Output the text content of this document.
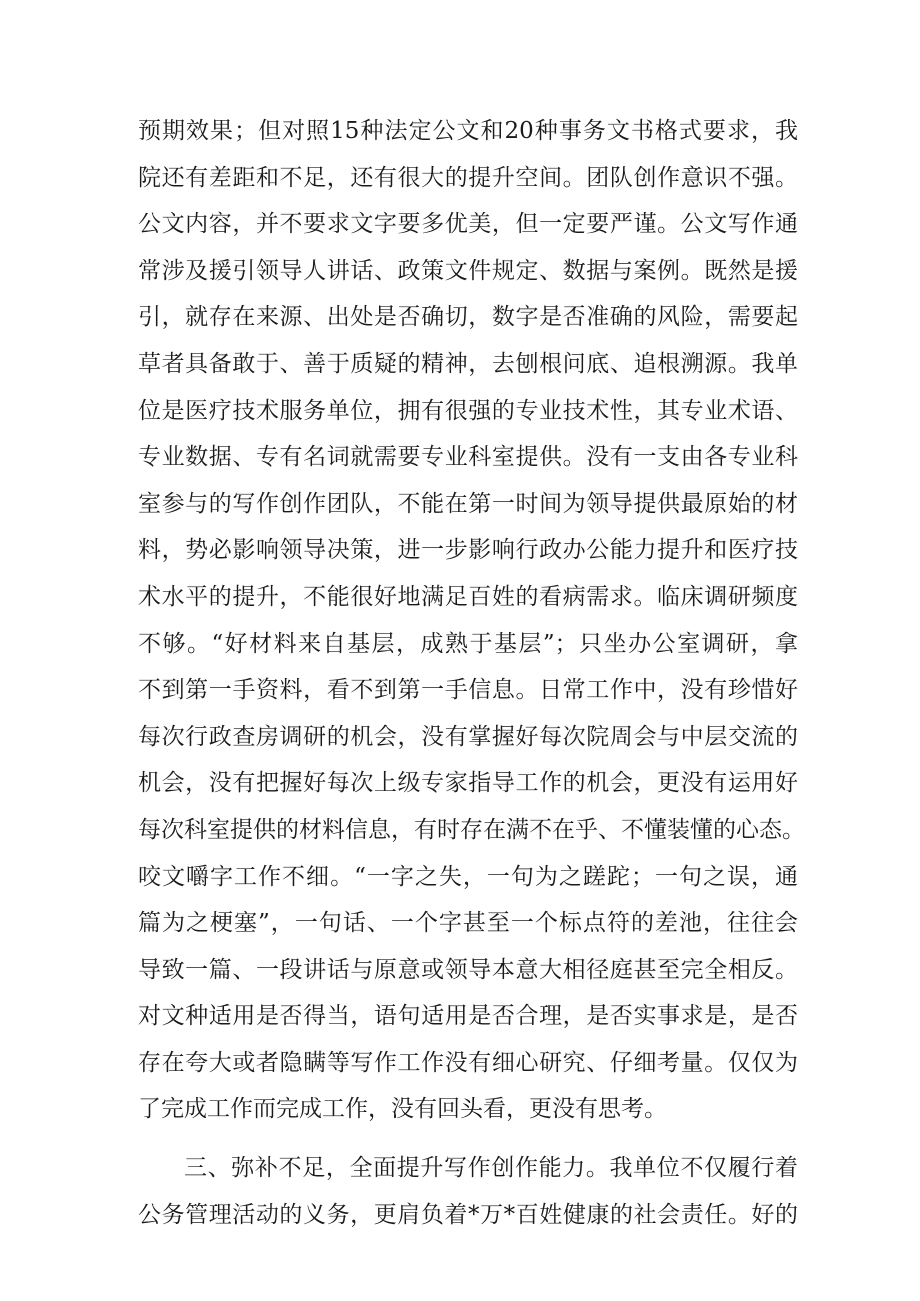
预期效果；但对照15种法定公文和20种事务文书格式要求，我
院还有差距和不足，还有很大的提升空间。团队创作意识不强。
公文内容，并不要求文字要多优美，但一定要严谨。公文写作通
常涉及援引领导人讲话、政策文件规定、数据与案例。既然是援
引，就存在来源、出处是否确切，数字是否准确的风险，需要起
草者具备敢于、善于质疑的精神，去刨根问底、追根溯源。我单
位是医疗技术服务单位，拥有很强的专业技术性，其专业术语、
专业数据、专有名词就需要专业科室提供。没有一支由各专业科
室参与的写作创作团队，不能在第一时间为领导提供最原始的材
料，势必影响领导决策，进一步影响行政办公能力提升和医疗技
术水平的提升，不能很好地满足百姓的看病需求。临床调研频度
不够。“好材料来自基层，成熟于基层”；只坐办公室调研，拿
不到第一手资料，看不到第一手信息。日常工作中，没有珍惜好
每次行政查房调研的机会，没有掌握好每次院周会与中层交流的
机会，没有把握好每次上级专家指导工作的机会，更没有运用好
每次科室提供的材料信息，有时存在满不在乎、不懂装懂的心态。
咬文嚼字工作不细。“一字之失，一句为之蹉跎；一句之误，通
篇为之梗塞”，一句话、一个字甚至一个标点符的差池，往往会
导致一篇、一段讲话与原意或领导本意大相径庭甚至完全相反。
对文种适用是否得当，语句适用是否合理，是否实事求是，是否
存在夸大或者隐瞒等写作工作没有细心研究、仔细考量。仅仅为
了完成工作而完成工作，没有回头看，更没有思考。
三、弥补不足，全面提升写作创作能力。我单位不仅履行着
公务管理活动的义务，更肩负着*万*百姓健康的社会责任。好的
